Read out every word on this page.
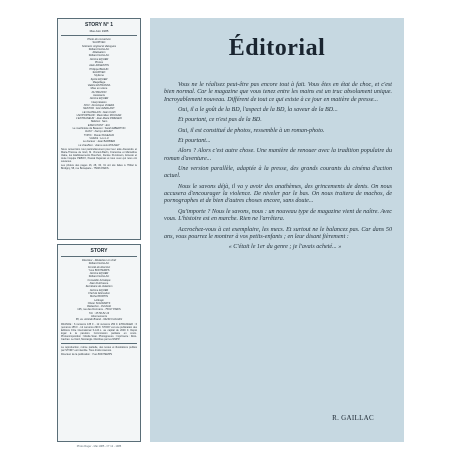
STORY N° 1
Mai-Juin 1985
Photo de couverture
SAUPIVEC
Scénario original et dialogues
Rolland GAILLAC
Réalisation
Rolland GAILLAC
Jérôme EQUER
Photos
Alain ARGENTIN
Philippe BEAUD
SAUPIVEC
Stylisme
Sylvie EQUER
Maquillage
Valérie ESTRANNA
Mise en scène
DU BIGNON
Assistants
Jérôme EQUER
Interprétation
NOU : Dominique VIAERA
NESTOR : Eric AVERLANT
LE CHATELAIN : Alain CAIN
L'EXPORTEUR : Maximilien MOUGAR
L'ENTRANEUR : Jean-Marie PRIEGEO
SHEILA : Sam
EXECUTANT : Eric
Le machiniste de Beaucet : Sarah EIBERTON
DANY : Fanny LECHET
TOPIC : Flavie PAGEAUD
VADAS : Lou LU
Le docteur : Jean BARBIER
Le chauffeur : Jean-Louis ROUGET
Nous remercions tout particulièrement pour leur aide Alexandre et Marie-Thérèse de Giuli, M. Vincent-Bazin, Francoise et Marcelline Valée, les Etablissements Bouchon, Denise Pennisson, Ernesto et toute l'équipe PEBOX, Pascal Dejarnac et tous ceux qui nous ont soutenus.
Les photos des pages 16, 28, 30, 31 ont été faites à l'Hôtel le Brétigny, 58, rue Bonaparte - 75006 PARIS.
STORY
Directeur - Rédacteur en chef
Rolland GAILLAC
Comité de direction
Yves BONTEMPS
Jérôme EQUER
Rolland GAILLAC
Conseiller Artistique
Alain DuChesne
Secrétaire de rédaction
Jérôme EQUER
Chef de fabrication
Michel BORTIN
Lettrage
Olivier SCHWARTZ
Rédaction - Publicité
135, rue des Dormans - 75017 PARIS
Tél. : 45.56.82.13
Abonnements
65, av. Aristide Briand - 94230 CACHAN
FRANCE : 6 numéros 135 F - 12 numéros 250 F. ETRANGER : 6 numéros 155 F - 12 numéros 290 F. STORY est une publication des Éditions Frite International S.A.R.L. au capital de 2000 F. Dépot légal à la parution. Commission paritaire en cours. Photocomposition : Média Scan. Photogravure : Imprimerie : Roto-Cachan. Le Nord, Montargis. Distribué par les NMPP.
La reproduction, même partielle, des textes et illustrations publiés par STORY est interdite. Tous droits réservés.
Directeur de la publication : Yves BONTEMPS
Photo Roger - Mai 1985 - N° 12 - 1985
Éditorial

Vous ne le réalisez peut-être pas encore tout à fait. Vous êtes en état de choc, et c'est bien normal. Car le magazine que vous tenez entre les mains est un truc absolument unique. Incroyablement nouveau. Différent de tout ce qui existe à ce jour en matière de presse...

Oui, il a le goût de la BD, l'aspect de la BD, la saveur de la BD...

Et pourtant, ce n'est pas de la BD.

Oui, il est constitué de photos, ressemble à un roman-photo.

Et pourtant...

Alors ? Alors c'est autre chose. Une manière de renouer avec la tradition populaire du roman d'aventure...

Une version parallèle, adaptée à la presse, des grands courants du cinéma d'action actuel.

Nous le savons déjà, il va y avoir des anathèmes, des grincements de dents. On nous accusera d'encourager la violence. De niveler par le bas. On nous traitera de machos, de pornographes et de bien d'autres choses encore, sans doute...

Qu'importe ? Nous le savons, nous : un nouveau type de magazine vient de naître. Avec vous. L'histoire est en marche. Rien ne l'arrêtera.

Accrochez-vous à cet exemplaire, les mecs. Et surtout ne le balancez pas. Car dans 50 ans, vous pourrez le montrer à vos petits-enfants ; en leur disant fièrement :

« C'était le 1er du genre ; je l'avais acheté... »

R. GAILLAC
